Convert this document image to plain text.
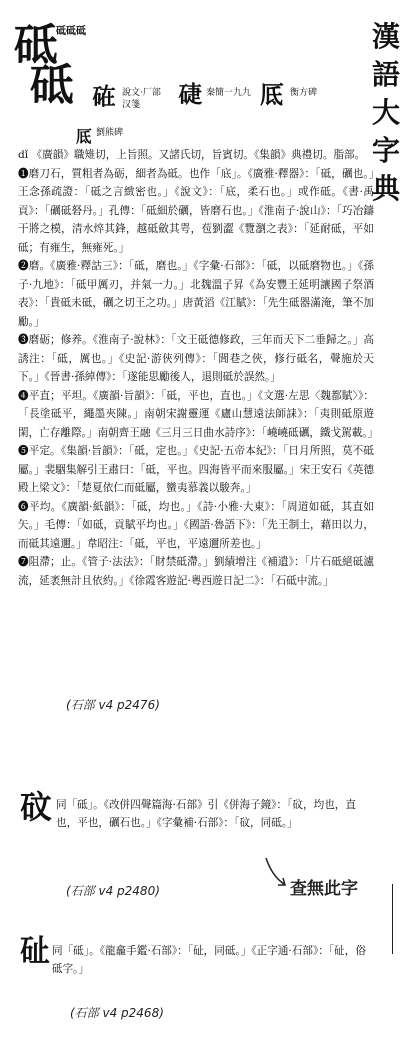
砥砥砥	漢
語
大
字
典
砥
砥 𥒒 說文·厂部
汉箋 𥓐 秦簡一九九 厎 衡方碑
厎 劉熊碑

dǐ 《廣韻》職雉切，上旨照。又諸氏切，旨賓切。《集韻》典禮切。脂部。

❶磨刀石，質粗者為砺，細者為砥。也作「底」。《廣雅·釋器》：「砥，礪也。」王念孫疏證：「砥之言緻密也。」《說文》：「底，柔石也。」或作砥。《書·禹貢》：「礪砥砮丹。」孔傳：「砥細於礪，皆磨石也。」《淮南子·說山》：「巧冶鑄干將之模，清水焠其鋒，越砥斂其咢，苞劉澀《覽瀏之表》：「延耐砥，平如砥；有雍生，無雍死。」

❷磨。《廣雅·釋詁三》：「砥，磨也。」《字彙·石部》：「砥，以砥磨物也。」《孫子·九地》：「砥甲厲刃，并氣一力。」北魏溫子昇《為安豐王延明讓國子祭酒表》：「貴砥未砥，礪之切王之功。」唐黃滔《江賦》：「先生砥器滿淹，筆不加勵。」

❸磨砺；修养。《淮南子·說林》：「文王砥德修政，三年而天下二垂歸之。」高誘注：「砥，厲也。」《史記·游俠列傳》：「閭巷之俠，修行砥名，聲施於天下。」《晉書·孫綽傳》：「遂能思勵後人，退則砥於誤然。」

❹平直；平坦。《廣韻·旨韻》：「砥，平也，直也。」《文選·左思〈魏都賦〉》：「長塗砥平，繩墨夾陳。」南朝宋謝靈運《廬山慧遠法師誄》：「夷則砥原遊閑，亡存離際。」南朝齊王融《三月三日曲水詩序》：「嶢嶢砥礪，鐵戈駕載。」

❺平定。《集韻·旨韻》：「砥，定也。」《史記·五帝本紀》：「日月所照，莫不砥屬。」裴駰集解引王肅曰：「砥，平也。四海皆平而來服屬。」宋王安石《英德殿上梁文》：「楚夏依仁而砥屬，蠻夷慕義以駿奔。」

❻平均。《廣韻·紙韻》：「砥，均也。」《詩·小雅·大東》：「周道如砥，其直如矢。」毛傳：「如砥，貢賦平均也。」《國語·魯語下》：「先王制土，藉田以力，而砥其遠邇。」韋昭注：「砥，平也，平遠邇所差也。」

❼阻滯；止。《管子·法法》：「財禁砥滯。」劉績增注《補遺》：「片石砥絕砥瀘流，延袤無計且依約。」《徐霞客遊記·粵西遊日記二》：「石砥中流。」

(石部 v4 p2476)
砇 同「砥」。《改併四聲篇海·石部》引《併海子鏡》：「砇，均也，直也，平也，礪石也。」《字彙補·石部》：「砇，同砥。」
(石部 v4 p2480)	查無此字
砋 同「砥」。《龍龕手鑑·石部》：「砋，同砥。」《正字通·石部》：「砋，俗砥字。」
(石部 v4 p2468)
